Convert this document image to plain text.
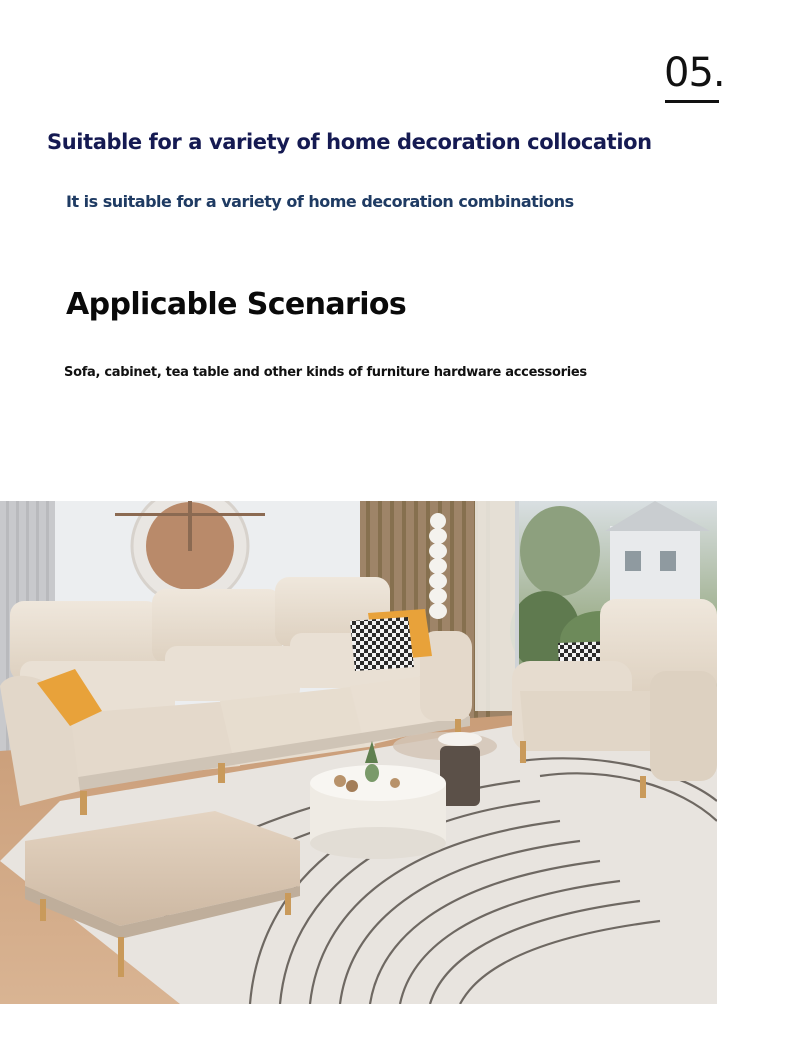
05.
Suitable for a variety of home decoration collocation
It is suitable for a variety of home decoration combinations
Applicable Scenarios
Sofa, cabinet, tea table and other kinds of furniture hardware accessories
